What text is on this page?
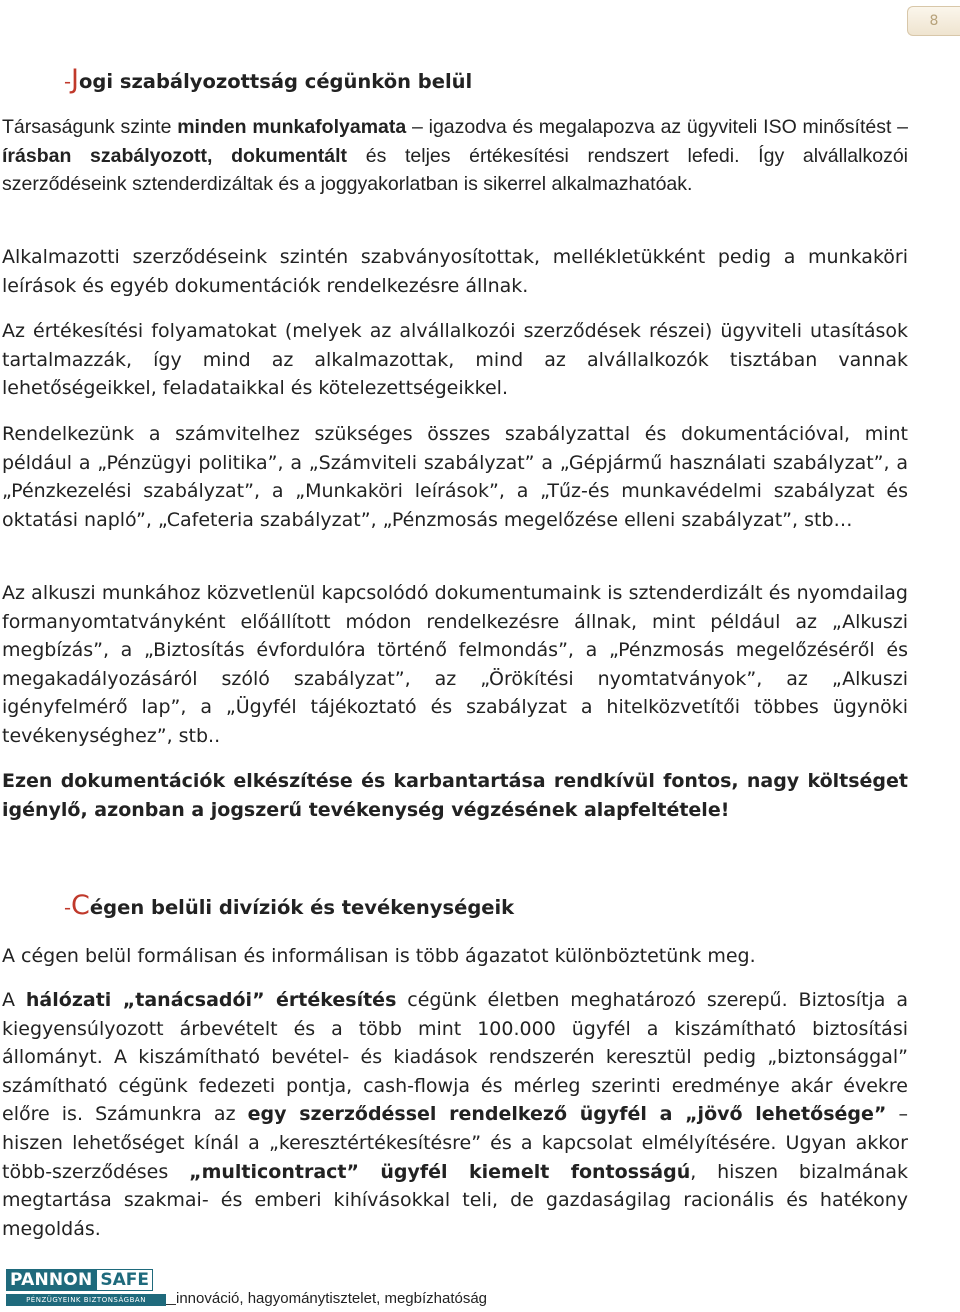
8
-Jogi szabályozottság cégünkön belül

Társaságunk szinte minden munkafolyamata – igazodva és megalapozva az ügyviteli ISO minősítést – írásban szabályozott, dokumentált és teljes értékesítési rendszert lefedi. Így alvállalkozói szerződéseink sztenderdizáltak és a joggyakorlatban is sikerrel alkalmazhatóak.

Alkalmazotti szerződéseink szintén szabványosítottak, mellékletükként pedig a munkaköri leírások és egyéb dokumentációk rendelkezésre állnak.

Az értékesítési folyamatokat (melyek az alvállalkozói szerződések részei) ügyviteli utasítások tartalmazzák, így mind az alkalmazottak, mind az alvállalkozók tisztában vannak lehetőségeikkel, feladataikkal és kötelezettségeikkel.

Rendelkezünk a számvitelhez szükséges összes szabályzattal és dokumentációval, mint például a „Pénzügyi politika”, a „Számviteli szabályzat” a „Gépjármű használati szabályzat”, a „Pénzkezelési szabályzat”, a „Munkaköri leírások”, a „Tűz-és munkavédelmi szabályzat és oktatási napló”, „Cafeteria szabályzat”, „Pénzmosás megelőzése elleni szabályzat”, stb…

Az alkuszi munkához közvetlenül kapcsolódó dokumentumaink is sztenderdizált és nyomdailag formanyomtatványként előállított módon rendelkezésre állnak, mint például az „Alkuszi megbízás”, a „Biztosítás évfordulóra történő felmondás”, a „Pénzmosás megelőzéséről és megakadályozásáról szóló szabályzat”, az „Örökítési nyomtatványok”, az „Alkuszi igényfelmérő lap”, a „Ügyfél tájékoztató és szabályzat a hitelközvetítői többes ügynöki tevékenységhez”, stb..

Ezen dokumentációk elkészítése és karbantartása rendkívül fontos, nagy költséget igénylő, azonban a jogszerű tevékenység végzésének alapfeltétele!

-Cégen belüli divíziók és tevékenységeik

A cégen belül formálisan és informálisan is több ágazatot különböztetünk meg.

A hálózati „tanácsadói” értékesítés cégünk életben meghatározó szerepű. Biztosítja a kiegyensúlyozott árbevételt és a több mint 100.000 ügyfél a kiszámítható biztosítási állományt. A kiszámítható bevétel- és kiadások rendszerén keresztül pedig „biztonsággal” számítható cégünk fedezeti pontja, cash-flowja és mérleg szerinti eredménye akár évekre előre is. Számunkra az egy szerződéssel rendelkező ügyfél a „jövő lehetősége” – hiszen lehetőséget kínál a „keresztértékesítésre” és a kapcsolat elmélyítésére. Ugyan akkor több-szerződéses „multicontract” ügyfél kiemelt fontosságú, hiszen bizalmának megtartása szakmai- és emberi kihívásokkal teli, de gazdaságilag racionális és hatékony megoldás.

PANNON SAFE
PÉNZÜGYEINK BIZTONSÁGBAN	innováció, hagyománytisztelet, megbízhatóság
